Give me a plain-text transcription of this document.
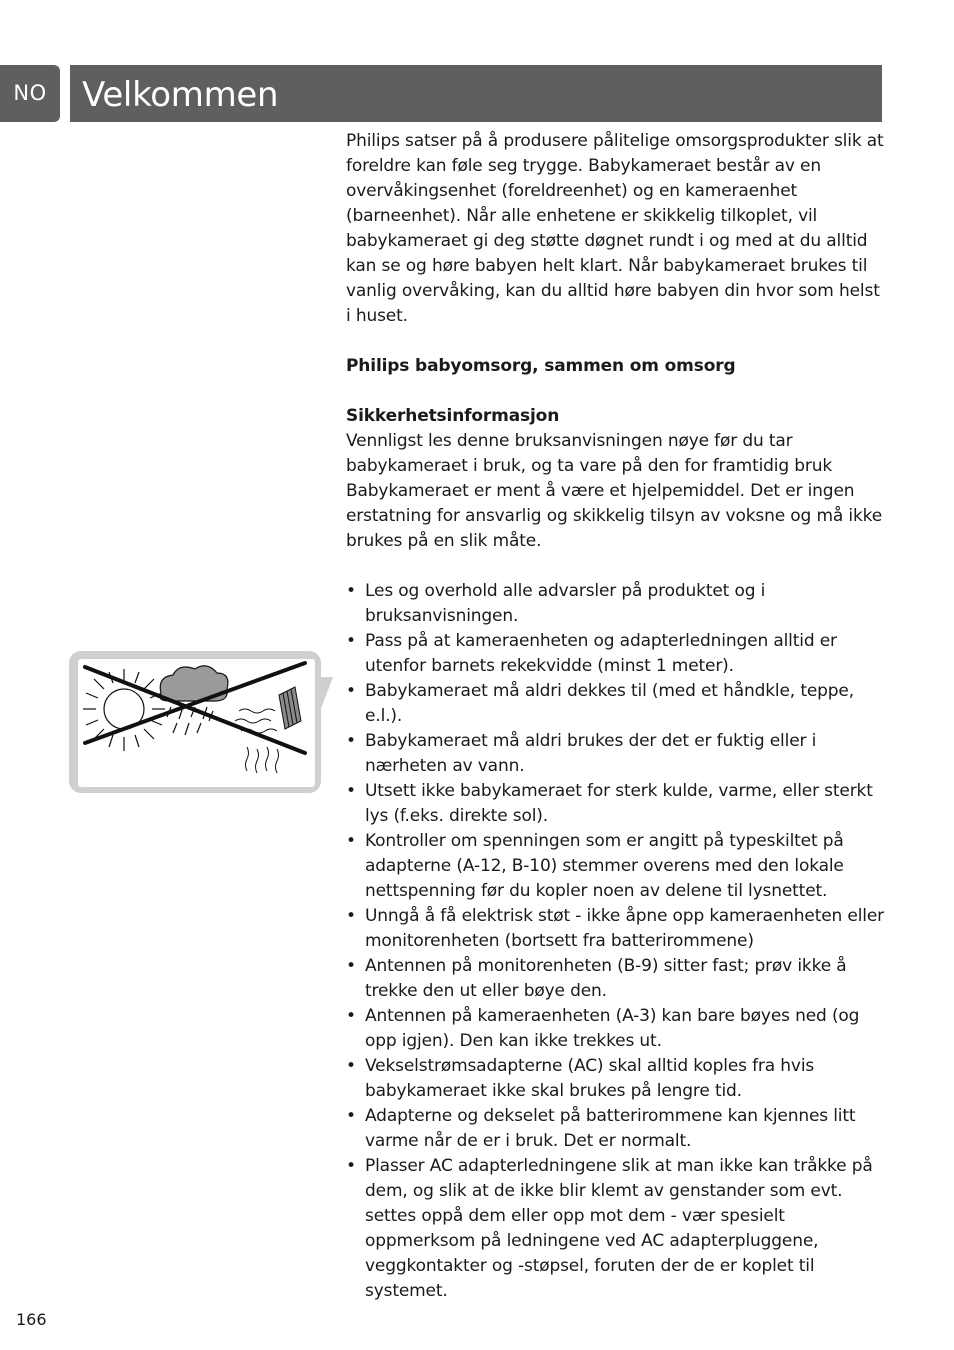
NO	Velkommen

Philips satser på å produsere pålitelige omsorgsprodukter slik at foreldre kan føle seg trygge. Babykameraet består av en overvåkingsenhet (foreldreenhet) og en kameraenhet (barneenhet). Når alle enhetene er skikkelig tilkoplet, vil babykameraet gi deg støtte døgnet rundt i og med at du alltid kan se og høre babyen helt klart. Når babykameraet brukes til vanlig overvåking, kan du alltid høre babyen din hvor som helst i huset.

Philips babyomsorg, sammen om omsorg

Sikkerhetsinformasjon

Vennligst les denne bruksanvisningen nøye før du tar babykameraet i bruk, og ta vare på den for framtidig bruk Babykameraet er ment å være et hjelpemiddel. Det er ingen erstatning for ansvarlig og skikkelig tilsyn av voksne og må ikke brukes på en slik måte.

• Les og overhold alle advarsler på produktet og i bruksanvisningen.
• Pass på at kameraenheten og adapterledningen alltid er utenfor barnets rekekvidde (minst 1 meter).
• Babykameraet må aldri dekkes til (med et håndkle, teppe, e.l.).
• Babykameraet må aldri brukes der det er fuktig eller i nærheten av vann.
• Utsett ikke babykameraet for sterk kulde, varme, eller sterkt lys (f.eks. direkte sol).
• Kontroller om spenningen som er angitt på typeskiltet på adapterne (A-12, B-10) stemmer overens med den lokale nettspenning før du kopler noen av delene til lysnettet.
• Unngå å få elektrisk støt - ikke åpne opp kameraenheten eller monitorenheten (bortsett fra batterirommene)
• Antennen på monitorenheten (B-9) sitter fast; prøv ikke å trekke den ut eller bøye den.
• Antennen på kameraenheten (A-3) kan bare bøyes ned (og opp igjen). Den kan ikke trekkes ut.
• Vekselstrømsadapterne (AC) skal alltid koples fra hvis babykameraet ikke skal brukes på lengre tid.
• Adapterne og dekselet på batterirommene kan kjennes litt varme når de er i bruk. Det er normalt.
• Plasser AC adapterledningene slik at man ikke kan tråkke på dem, og slik at de ikke blir klemt av genstander som evt. settes oppå dem eller opp mot dem - vær spesielt oppmerksom på ledningene ved AC adapterpluggene, veggkontakter og -støpsel, foruten der de er koplet til systemet.
166
